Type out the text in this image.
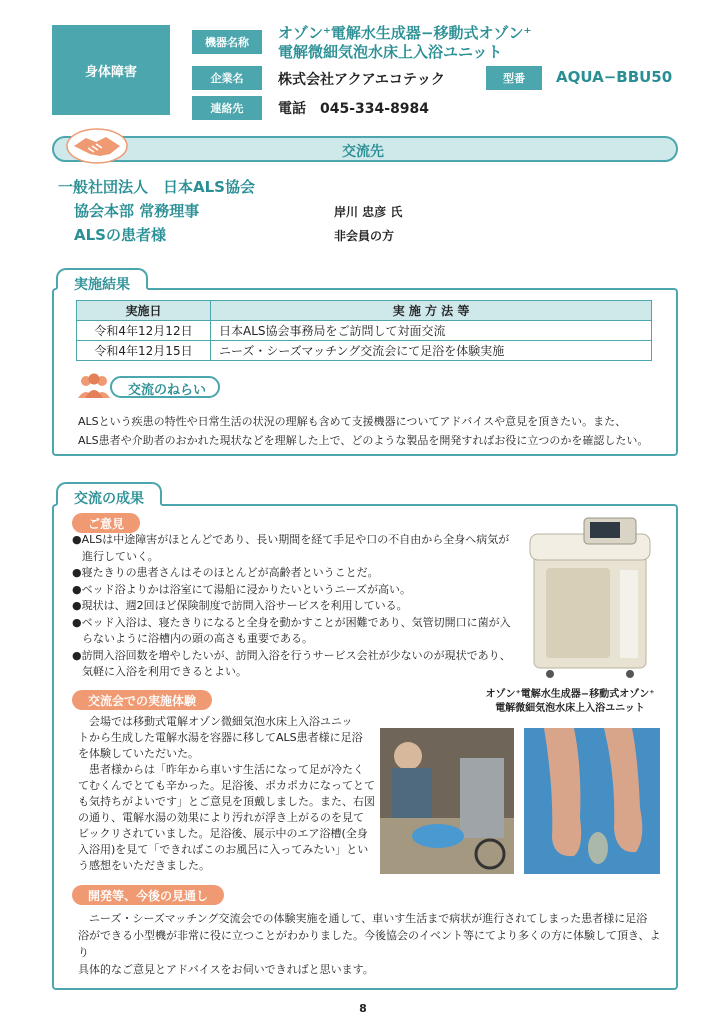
身体障害
機器名称
オゾン⁺電解水生成器−移動式オゾン⁺
電解微細気泡水床上入浴ユニット
企業名	株式会社アクアエコテック	型番	AQUA−BBU50
連絡先	電話　045-334-8984
交流先
一般社団法人　日本ALS協会
協会本部 常務理事	岸川 忠彦 氏
ALSの患者様	非会員の方
実施結果
実施日	実 施 方 法 等
令和4年12月12日	日本ALS協会事務局をご訪問して対面交流
令和4年12月15日	ニーズ・シーズマッチング交流会にて足浴を体験実施
交流のねらい
ALSという疾患の特性や日常生活の状況の理解も含めて支援機器についてアドバイスや意見を頂きたい。また、
ALS患者や介助者のおかれた現状などを理解した上で、どのような製品を開発すればお役に立つのかを確認したい。
交流の成果
ご意見
●ALSは中途障害がほとんどであり、長い期間を経て手足や口の不自由から全身へ病気が進行していく。
●寝たきりの患者さんはそのほとんどが高齢者ということだ。
●ベッド浴よりかは浴室にて湯船に浸かりたいというニーズが高い。
●現状は、週2回ほど保険制度で訪問入浴サービスを利用している。
●ベッド入浴は、寝たきりになると全身を動かすことが困難であり、気管切開口に菌が入らないように浴槽内の頭の高さも重要である。
●訪問入浴回数を増やしたいが、訪問入浴を行うサービス会社が少ないのが現状であり、気軽に入浴を利用できるとよい。
オゾン⁺電解水生成器−移動式オゾン⁺
電解微細気泡水床上入浴ユニット
交流会での実施体験
　会場では移動式電解オゾン微細気泡水床上入浴ユニッ
トから生成した電解水湯を容器に移してALS患者様に足浴
を体験していただいた。
　患者様からは「昨年から車いす生活になって足が冷たく
てむくんでとても辛かった。足浴後、ポカポカになってとて
も気持ちがよいです」とご意見を頂戴しました。また、右図
の通り、電解水湯の効果により汚れが浮き上がるのを見て
ビックリされていました。足浴後、展示中のエア浴槽(全身
入浴用)を見て「できればこのお風呂に入ってみたい」とい
う感想をいただきました。
開発等、今後の見通し
　ニーズ・シーズマッチング交流会での体験実施を通して、車いす生活まで病状が進行されてしまった患者様に足浴
浴ができる小型機が非常に役に立つことがわかりました。今後協会のイベント等にてより多くの方に体験して頂き、より
具体的なご意見とアドバイスをお伺いできればと思います。
8
